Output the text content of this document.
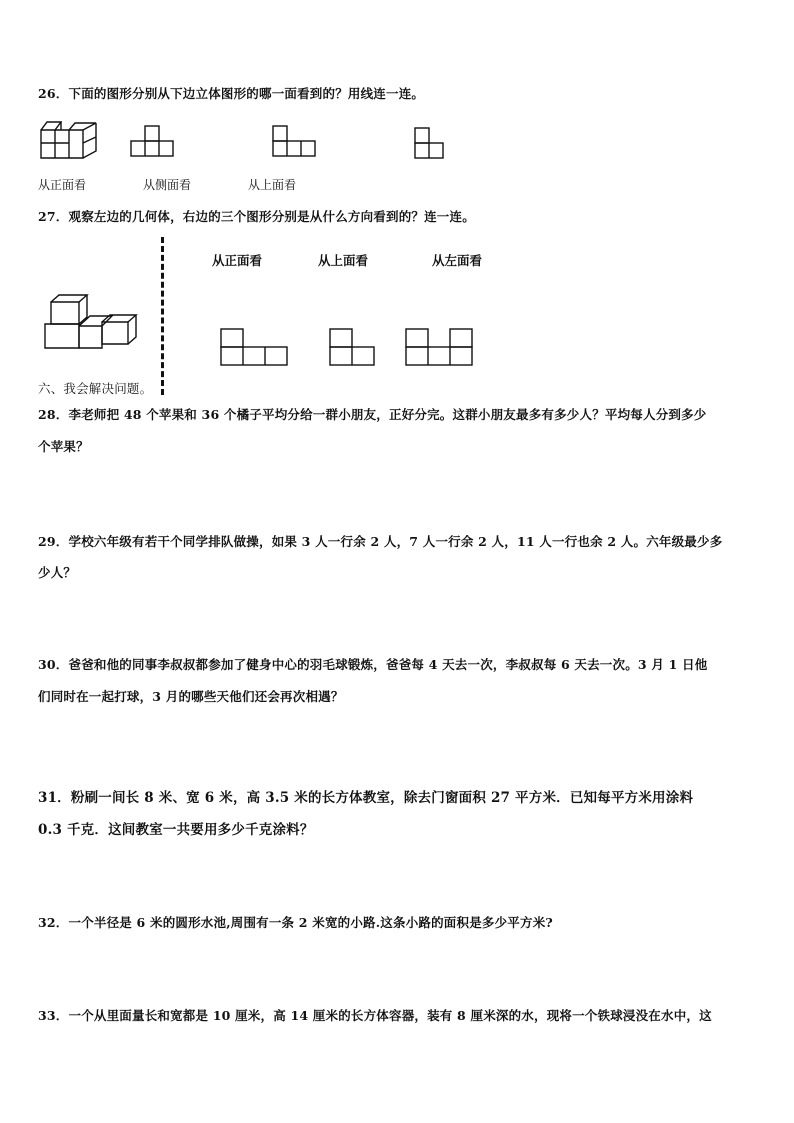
26．下面的图形分别从下边立体图形的哪一面看到的？用线连一连。
从正面看	从侧面看	从上面看
27．观察左边的几何体，右边的三个图形分别是从什么方向看到的？连一连。
从正面看	从上面看	从左面看
六、我会解决问题。
28．李老师把 48 个苹果和 36 个橘子平均分给一群小朋友，正好分完。这群小朋友最多有多少人？平均每人分到多少
个苹果？
29．学校六年级有若干个同学排队做操，如果 3 人一行余 2 人，7 人一行余 2 人，11 人一行也余 2 人。六年级最少多
少人？
30．爸爸和他的同事李叔叔都参加了健身中心的羽毛球锻炼，爸爸每 4 天去一次，李叔叔每 6 天去一次。3 月 1 日他
们同时在一起打球，3 月的哪些天他们还会再次相遇？
31．粉刷一间长 8 米、宽 6 米，高 3.5 米的长方体教室，除去门窗面积 27 平方米．已知每平方米用涂料
0.3 千克．这间教室一共要用多少千克涂料？
32．一个半径是 6 米的圆形水池,周围有一条 2 米宽的小路.这条小路的面积是多少平方米?
33．一个从里面量长和宽都是 10 厘米，高 14 厘米的长方体容器，装有 8 厘米深的水，现将一个铁球浸没在水中，这
